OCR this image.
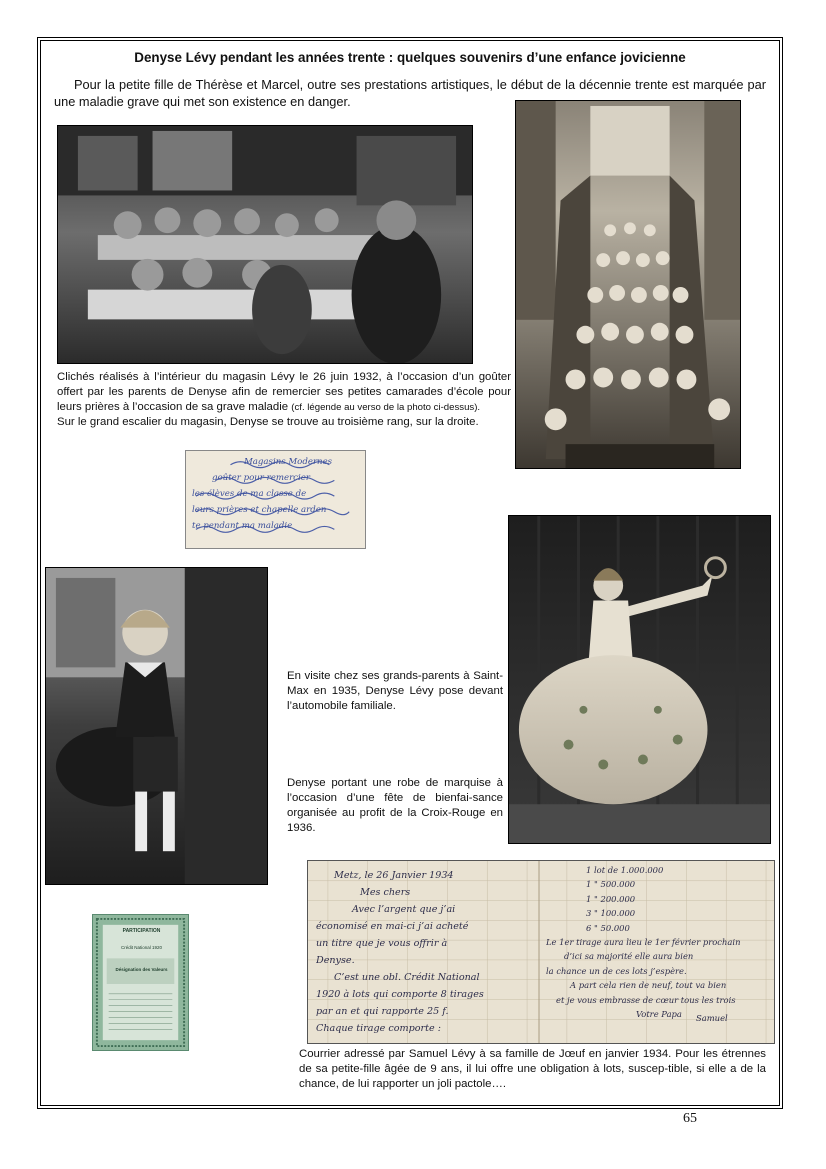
Denyse Lévy pendant les années trente : quelques souvenirs d’une enfance jovicienne

Pour la petite fille de Thérèse et Marcel, outre ses prestations artistiques, le début de la décennie trente est marquée par une maladie grave qui met son existence en danger.

Clichés réalisés à l’intérieur du magasin Lévy le 26 juin 1932, à l’occasion d’un goûter offert par les parents de Denyse afin de remercier ses petites camarades d’école pour leurs prières à l’occasion de sa grave maladie (cf. légende au verso de la photo ci-dessus).
Sur le grand escalier du magasin, Denyse se trouve au troisième rang, sur la droite.

En visite chez ses grands-parents à Saint-Max en 1935, Denyse Lévy pose devant l’automobile familiale.

Denyse portant une robe de marquise à l’occasion d’une fête de bienfai-sance organisée au profit de la Croix-Rouge en 1936.

PARTICIPATION
Crédit National 1920
Désignation des Valeurs
Metz, le 26 Janvier 1934
Mes chers
Avec l’argent que j’ai
économisé en mai-ci j’ai acheté
un titre que je vous offrir à
Denyse.
C’est une obl. Crédit National
1920 à lots qui comporte 8 tirages
par an et qui rapporte 25 f.
Chaque tirage comporte :
1 lot de 1.000.000
1 " 500.000
1 " 200.000
3 " 100.000
6 " 50.000
Le 1er tirage aura lieu le 1er février prochain
d’ici sa majorité elle aura bien
la chance un de ces lots j’espère.
A part cela rien de neuf, tout va bien
et je vous embrasse de cœur tous les trois
Votre Papa	Samuel

Courrier adressé par Samuel Lévy à sa famille de Jœuf en janvier 1934. Pour les étrennes de sa petite-fille âgée de 9 ans, il lui offre une obligation à lots, suscep-tible, si elle a de la chance, de lui rapporter un joli pactole….

Magasins Modernes
goûter pour remercier
les élèves de ma classe de
leurs prières et chapelle arden
te pendant ma maladie
65
